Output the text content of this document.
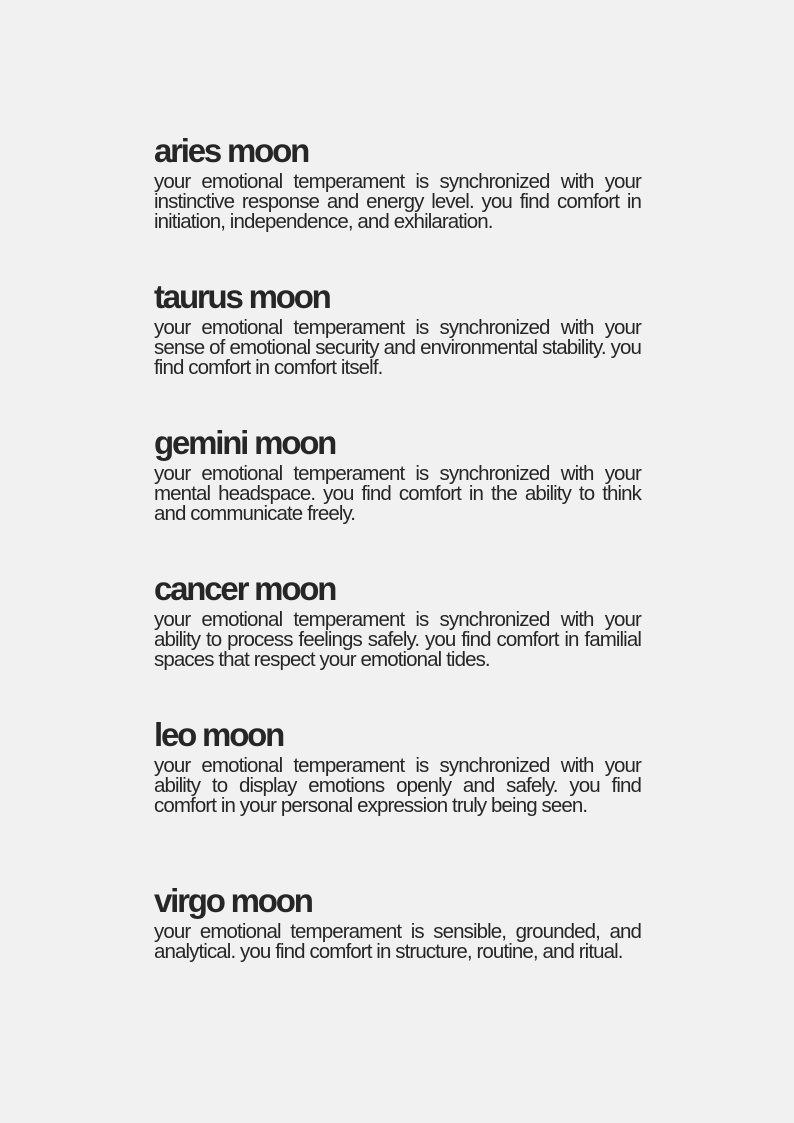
aries moon

your emotional temperament is synchronized with your instinctive response and energy level. you find comfort in initiation, independence, and exhilaration.

taurus moon

your emotional temperament is synchronized with your sense of emotional security and environmental stability. you find comfort in comfort itself.

gemini moon

your emotional temperament is synchronized with your mental headspace. you find comfort in the ability to think and communicate freely.

cancer moon

your emotional temperament is synchronized with your ability to process feelings safely. you find comfort in familial spaces that respect your emotional tides.

leo moon

your emotional temperament is synchronized with your ability to display emotions openly and safely. you find comfort in your personal expression truly being seen.

virgo moon

your emotional temperament is sensible, grounded, and analytical. you find comfort in structure, routine, and ritual.
